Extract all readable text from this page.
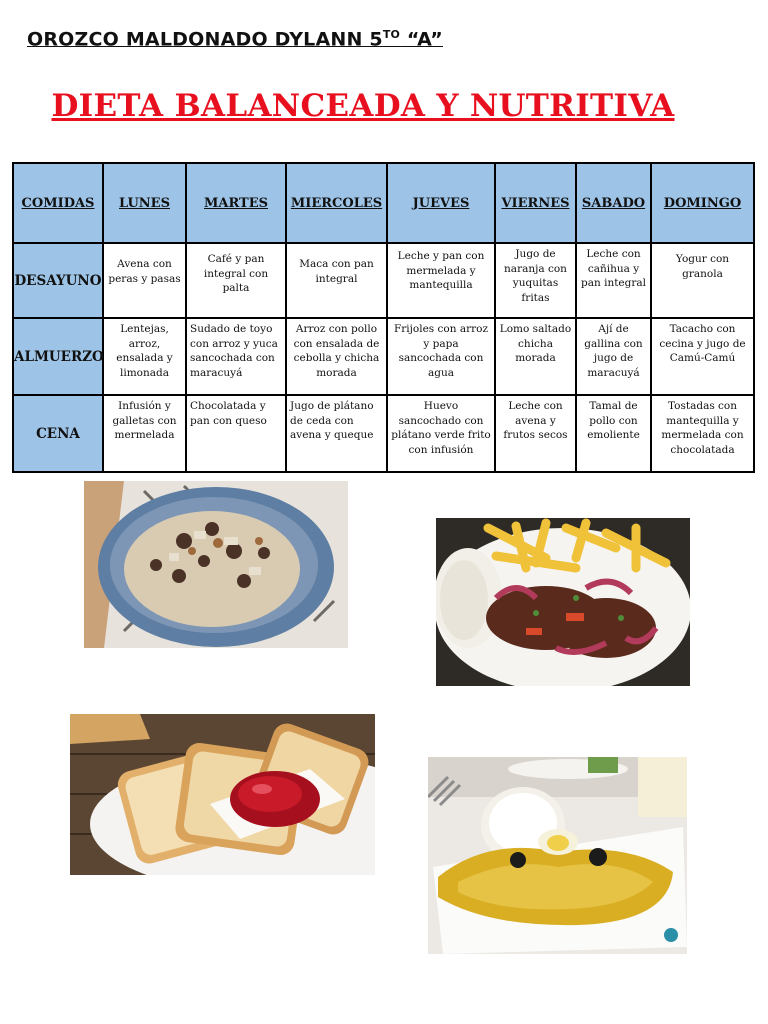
OROZCO MALDONADO DYLANN $5^{TO}$ “A”
DIETA BALANCEADA Y NUTRITIVA
COMIDAS	LUNES	MARTES	MIERCOLES	JUEVES	VIERNES	SABADO	DOMINGO
DESAYUNO	Avena con peras y pasas	Café y pan integral con palta	Maca con pan integral	Leche y pan con mermelada y mantequilla	Jugo de naranja con yuquitas fritas	Leche con cañihua y pan integral	Yogur con granola
ALMUERZO	Lentejas, arroz, ensalada y limonada	Sudado de toyo con arroz y yuca sancochada con maracuyá	Arroz con pollo con ensalada de cebolla y chicha morada	Frijoles con arroz y papa sancochada con agua	Lomo saltado chicha morada	Ají de gallina con jugo de maracuyá	Tacacho con cecina y jugo de Camú-Camú
CENA	Infusión y galletas con mermelada	Chocolatada y pan con queso	Jugo de plátano de ceda con avena y queque	Huevo sancochado con plátano verde frito con infusión	Leche con avena y frutos secos	Tamal de pollo con emoliente	Tostadas con mantequilla y mermelada con chocolatada
